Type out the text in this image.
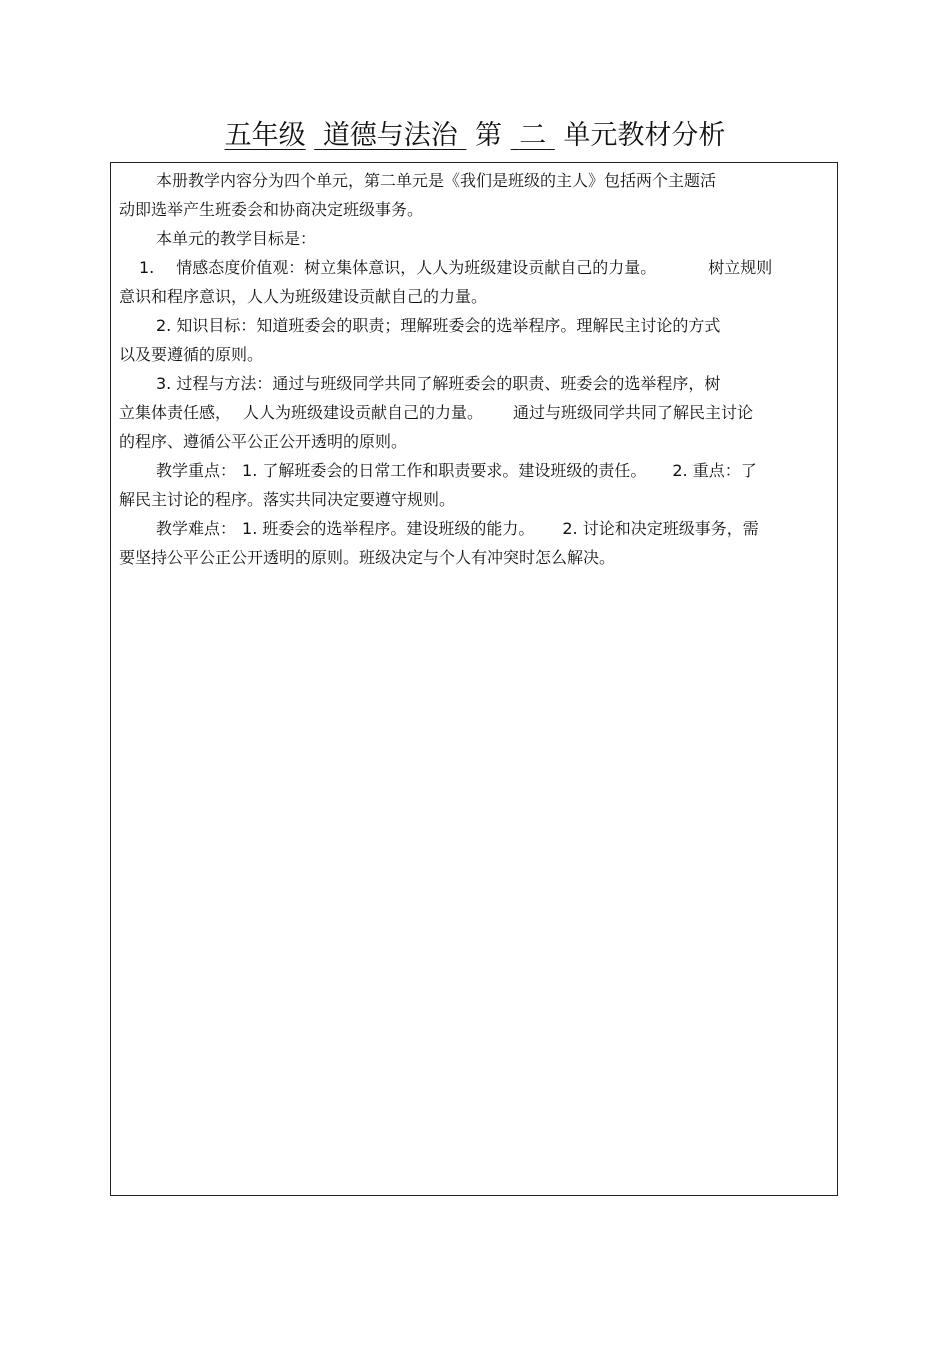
五年级 道德与法治 第 二 单元教材分析
本册教学内容分为四个单元，第二单元是《我们是班级的主人》包括两个主题活
动即选举产生班委会和协商决定班级事务。
本单元的教学目标是：
1. 情感态度价值观：树立集体意识，人人为班级建设贡献自己的力量。	树立规则
意识和程序意识，人人为班级建设贡献自己的力量。
2. 知识目标：知道班委会的职责；理解班委会的选举程序。理解民主讨论的方式
以及要遵循的原则。
3. 过程与方法：通过与班级同学共同了解班委会的职责、班委会的选举程序，树
立集体责任感， 人人为班级建设贡献自己的力量。 通过与班级同学共同了解民主讨论
的程序、遵循公平公正公开透明的原则。
教学重点： 1. 了解班委会的日常工作和职责要求。建设班级的责任。 2. 重点：了
解民主讨论的程序。落实共同决定要遵守规则。
教学难点： 1. 班委会的选举程序。建设班级的能力。 2. 讨论和决定班级事务，需
要坚持公平公正公开透明的原则。班级决定与个人有冲突时怎么解决。
